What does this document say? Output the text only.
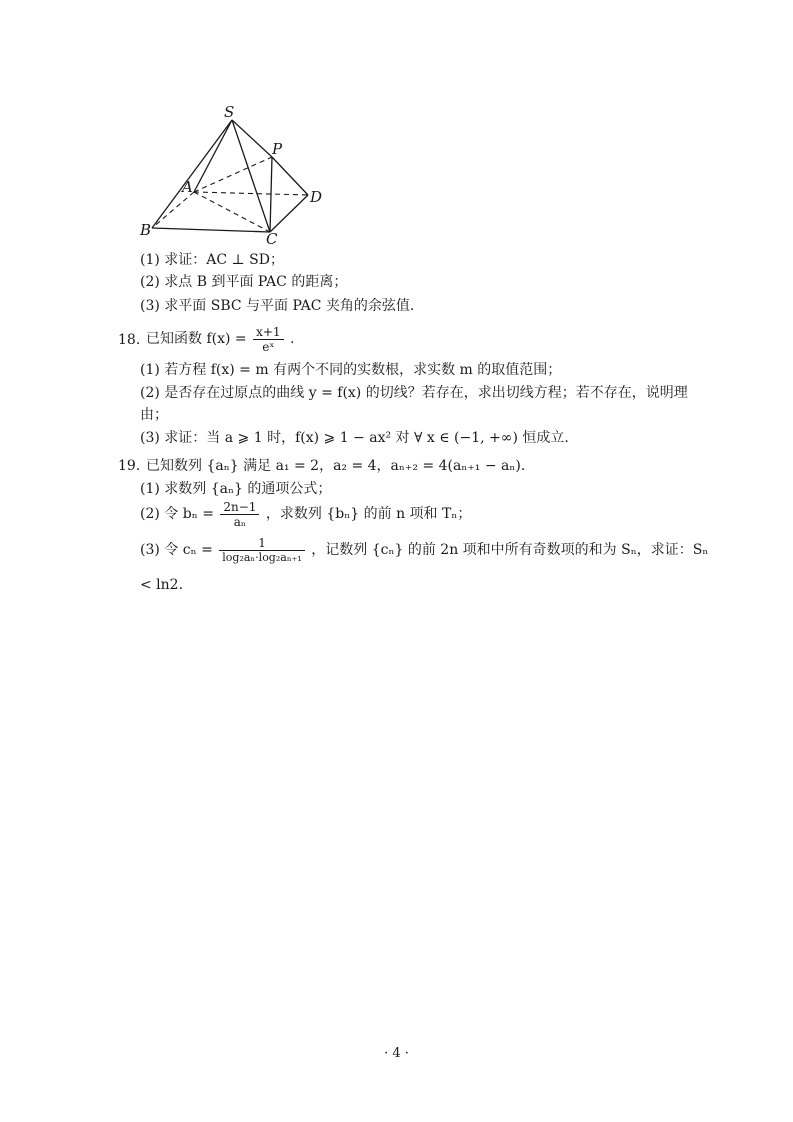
S
P
A
D
B	C
(1) 求证：AC ⊥ SD；
(2) 求点 B 到平面 PAC 的距离；
(3) 求平面 SBC 与平面 PAC 夹角的余弦值.
18. 已知函数 $f(x) = \frac{x+1}{\text{eˣ}}$ .
(1) 若方程 f(x) = m 有两个不同的实数根，求实数 m 的取值范围；
(2) 是否存在过原点的曲线 y = f(x) 的切线？若存在，求出切线方程；若不存在，说明理
由；
(3) 求证：当 a ⩾ 1 时，f(x) ⩾ 1 − ax² 对 ∀ x ∈ (−1, +∞) 恒成立.
19. 已知数列 {aₙ} 满足 a₁ = 2，a₂ = 4，aₙ₊₂ = 4(aₙ₊₁ − aₙ).
(1) 求数列 {aₙ} 的通项公式；
(2) 令 $b_n = \frac{2n-1}{\text{aₙ}}$ ，求数列 {bₙ} 的前 n 项和 Tₙ；
(3) 令 $c_n = \frac{1}{\text{log₂aₙ·log₂aₙ₊₁}}$ ，记数列 {cₙ} 的前 2n 项和中所有奇数项的和为 Sₙ，求证：Sₙ
< ln2.
· 4 ·
